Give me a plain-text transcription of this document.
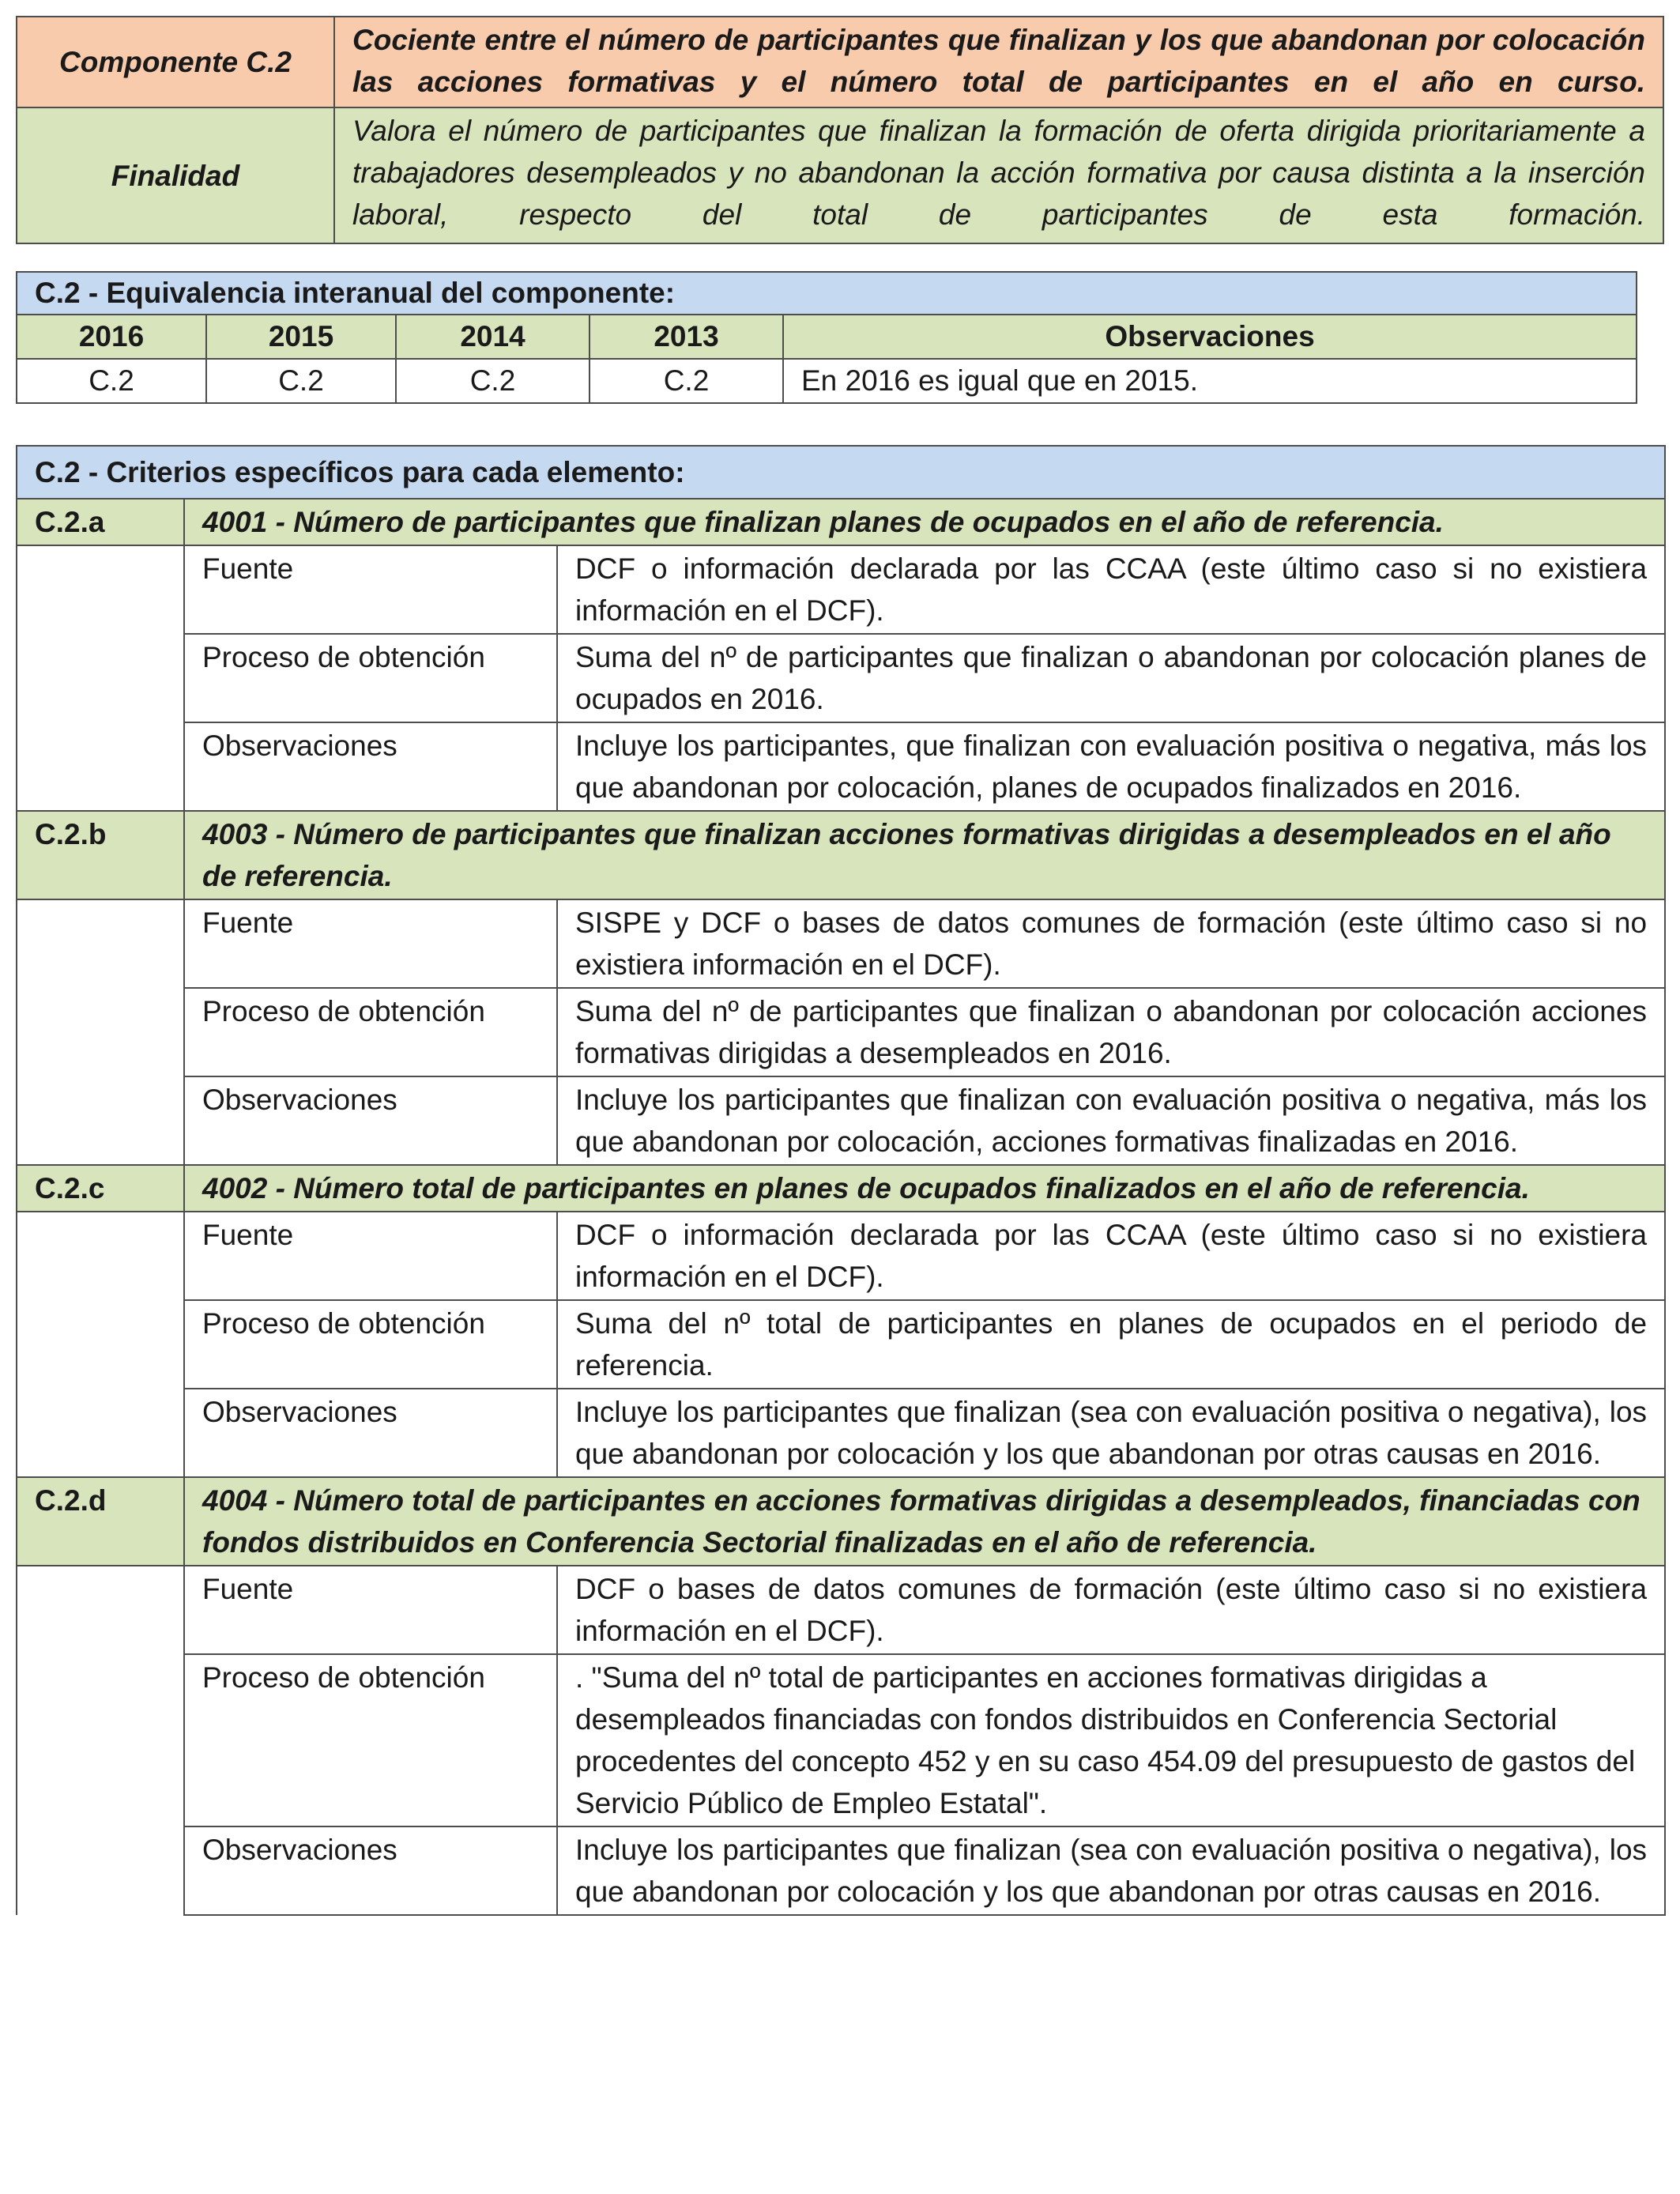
Componente C.2	Cociente entre el número de participantes que finalizan y los que abandonan por colocación las acciones formativas y el número total de participantes en el año en curso.
Finalidad	Valora el número de participantes que finalizan la formación de oferta dirigida prioritariamente a trabajadores desempleados y no abandonan la acción formativa por causa distinta a la inserción laboral, respecto del total de participantes de esta formación.
C.2 - Equivalencia interanual del componente:				
2016	2015	2014	2013	Observaciones
C.2	C.2	C.2	C.2	En 2016 es igual que en 2015.
C.2 - Criterios específicos para cada elemento:		
C.2.a	4001 - Número de participantes que finalizan planes de ocupados en el año de referencia.	
	Fuente	DCF o información declarada por las CCAA (este último caso si no existiera información en el DCF).
	Proceso de obtención	Suma del nº de participantes que finalizan o abandonan por colocación planes de ocupados en 2016.
	Observaciones	Incluye los participantes, que finalizan con evaluación positiva o negativa, más los que abandonan por colocación, planes de ocupados finalizados en 2016.
C.2.b	4003 - Número de participantes que finalizan acciones formativas dirigidas a desempleados en el año de referencia.	
	Fuente	SISPE y DCF o bases de datos comunes de formación (este último caso si no existiera información en el DCF).
	Proceso de obtención	Suma del nº de participantes que finalizan o abandonan por colocación acciones formativas dirigidas a desempleados en 2016.
	Observaciones	Incluye los participantes que finalizan con evaluación positiva o negativa, más los que abandonan por colocación, acciones formativas finalizadas en 2016.
C.2.c	4002 - Número total de participantes en planes de ocupados finalizados en el año de referencia.	
	Fuente	DCF o información declarada por las CCAA (este último caso si no existiera información en el DCF).
	Proceso de obtención	Suma del nº total de participantes en planes de ocupados en el periodo de referencia.
	Observaciones	Incluye los participantes que finalizan (sea con evaluación positiva o negativa), los que abandonan por colocación y los que abandonan por otras causas en 2016.
C.2.d	4004 - Número total de participantes en acciones formativas dirigidas a desempleados, financiadas con fondos distribuidos en Conferencia Sectorial finalizadas en el año de referencia.	
	Fuente	DCF o bases de datos comunes de formación (este último caso si no existiera información en el DCF).
	Proceso de obtención	. "Suma del nº total de participantes en acciones formativas dirigidas a desempleados financiadas con fondos distribuidos en Conferencia Sectorial procedentes del concepto 452 y en su caso 454.09 del presupuesto de gastos del Servicio Público de Empleo Estatal".
	Observaciones	Incluye los participantes que finalizan (sea con evaluación positiva o negativa), los que abandonan por colocación y los que abandonan por otras causas en 2016.
